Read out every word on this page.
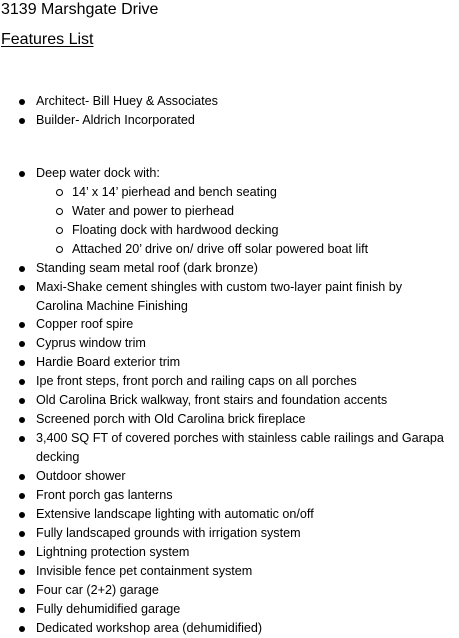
3139 Marshgate Drive
Features List
Architect- Bill Huey & Associates
Builder- Aldrich Incorporated
Deep water dock with:
14’ x 14’ pierhead and bench seating
Water and power to pierhead
Floating dock with hardwood decking
Attached 20’ drive on/ drive off solar powered boat lift
Standing seam metal roof (dark bronze)
Maxi-Shake cement shingles with custom two-layer paint finish by Carolina Machine Finishing
Copper roof spire
Cyprus window trim
Hardie Board exterior trim
Ipe front steps, front porch and railing caps on all porches
Old Carolina Brick walkway, front stairs and foundation accents
Screened porch with Old Carolina brick fireplace
3,400 SQ FT of covered porches with stainless cable railings and Garapa decking
Outdoor shower
Front porch gas lanterns
Extensive landscape lighting with automatic on/off
Fully landscaped grounds with irrigation system
Lightning protection system
Invisible fence pet containment system
Four car (2+2) garage
Fully dehumidified garage
Dedicated workshop area (dehumidified)
